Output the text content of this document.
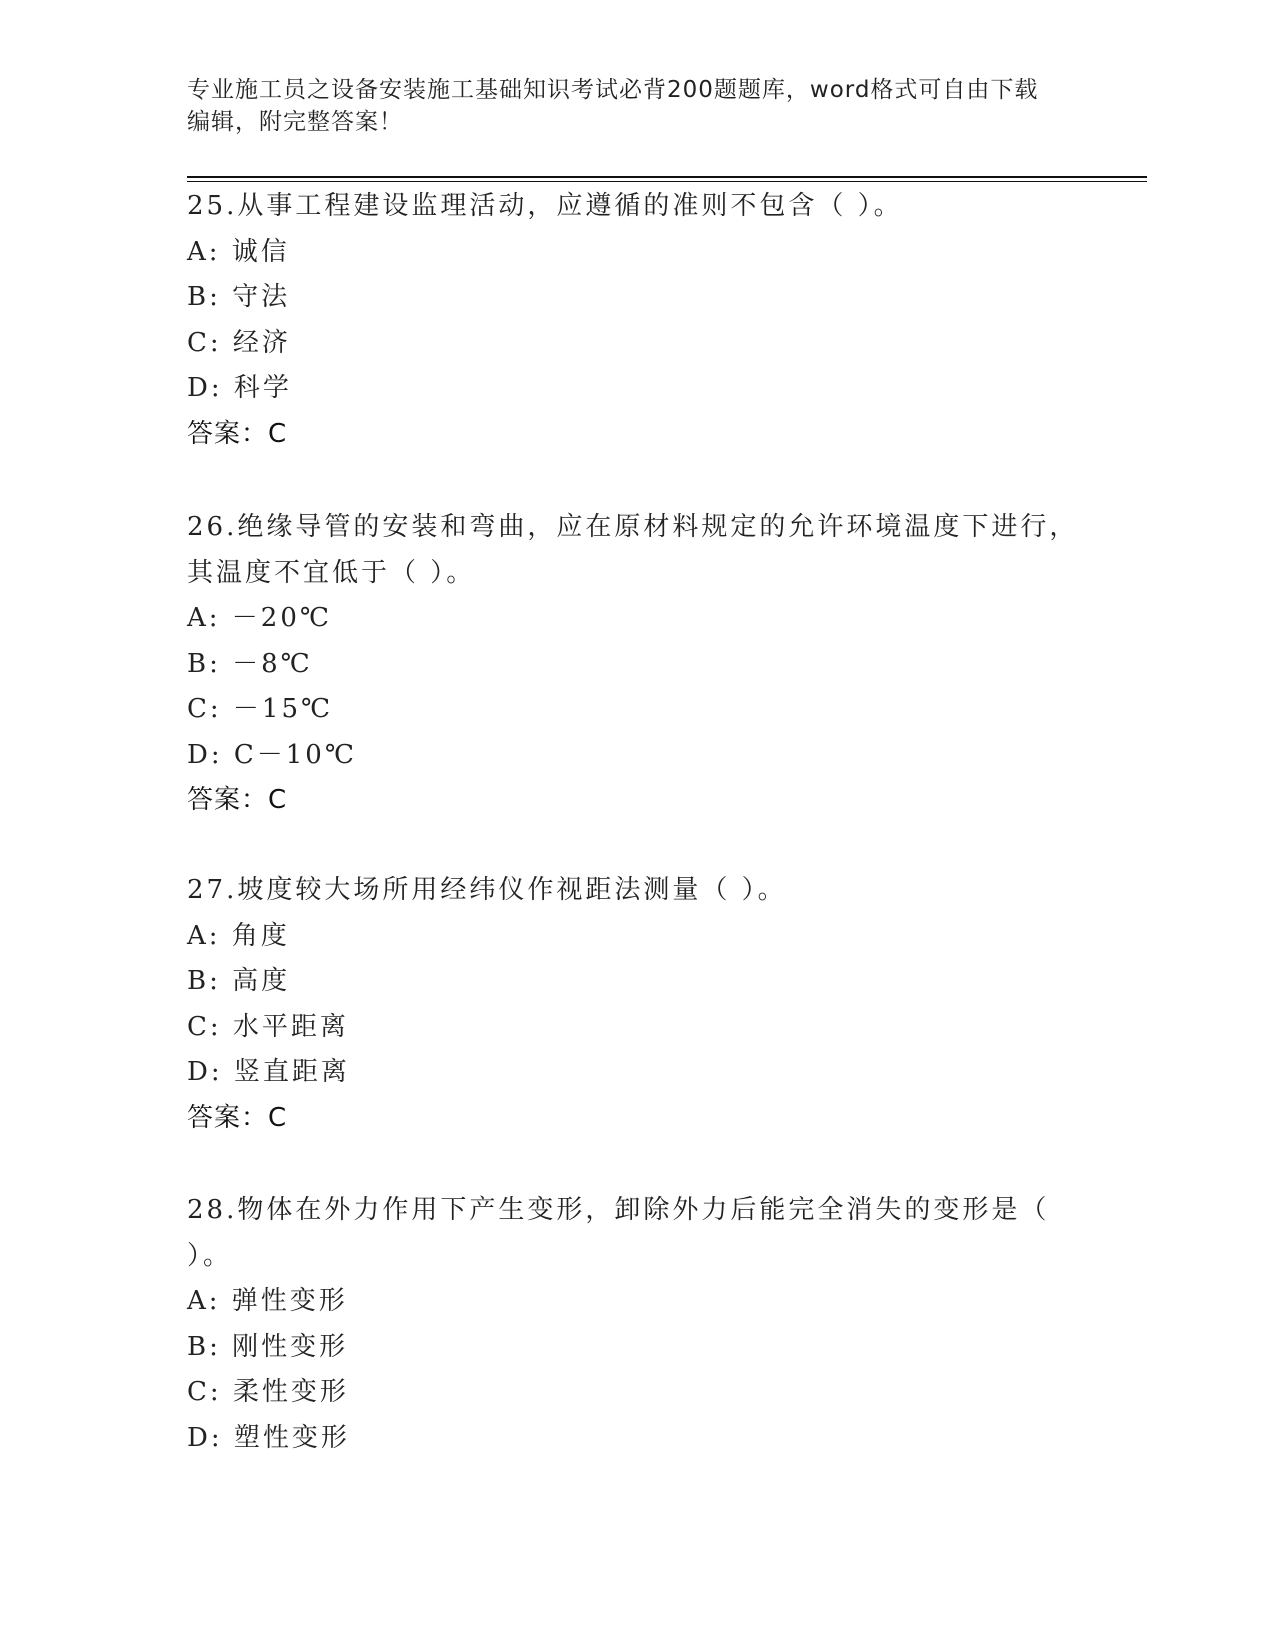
专业施工员之设备安装施工基础知识考试必背200题题库，word格式可自由下载
编辑，附完整答案！
25.从事工程建设监理活动，应遵循的准则不包含（ ）。
A: 诚信
B: 守法
C: 经济
D: 科学
答案：C
26.绝缘导管的安装和弯曲，应在原材料规定的允许环境温度下进行，
其温度不宜低于（ ）。
A: －20℃
B: －8℃
C: －15℃
D: C－10℃
答案：C
27.坡度较大场所用经纬仪作视距法测量（ ）。
A: 角度
B: 高度
C: 水平距离
D: 竖直距离
答案：C
28.物体在外力作用下产生变形，卸除外力后能完全消失的变形是（
）。
A: 弹性变形
B: 刚性变形
C: 柔性变形
D: 塑性变形
